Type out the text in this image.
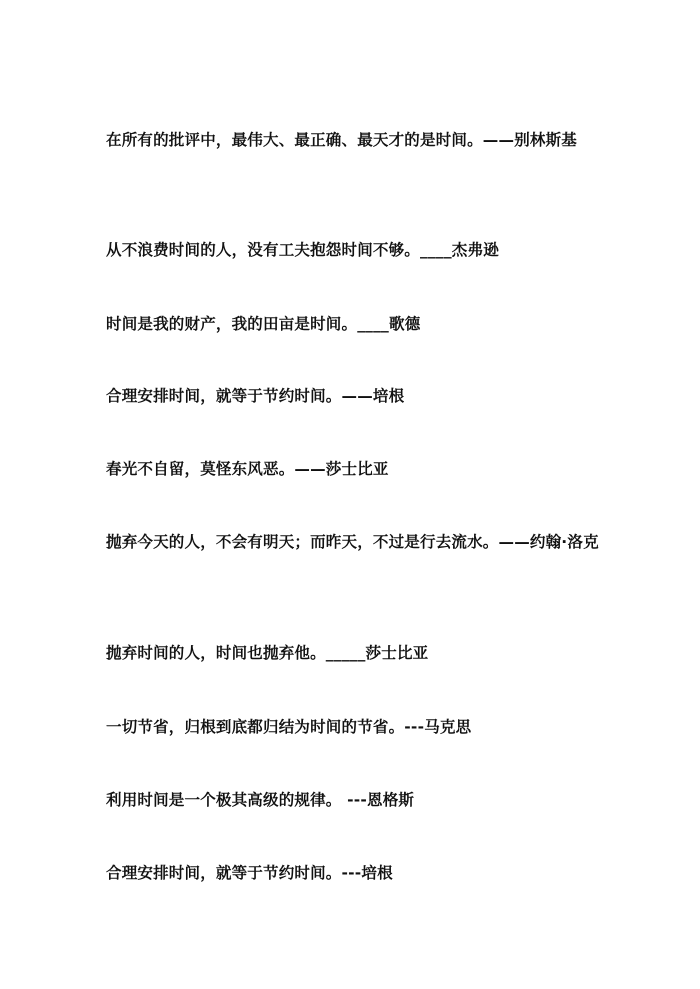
在所有的批评中，最伟大、最正确、最天才的是时间。——别林斯基

从不浪费时间的人，没有工夫抱怨时间不够。____杰弗逊

时间是我的财产，我的田亩是时间。____歌德

合理安排时间，就等于节约时间。——培根

春光不自留，莫怪东风恶。——莎士比亚

抛弃今天的人，不会有明天；而昨天，不过是行去流水。——约翰·洛克

抛弃时间的人，时间也抛弃他。_____莎士比亚

一切节省，归根到底都归结为时间的节省。---马克思

利用时间是一个极其高级的规律。 ---恩格斯

合理安排时间，就等于节约时间。---培根
